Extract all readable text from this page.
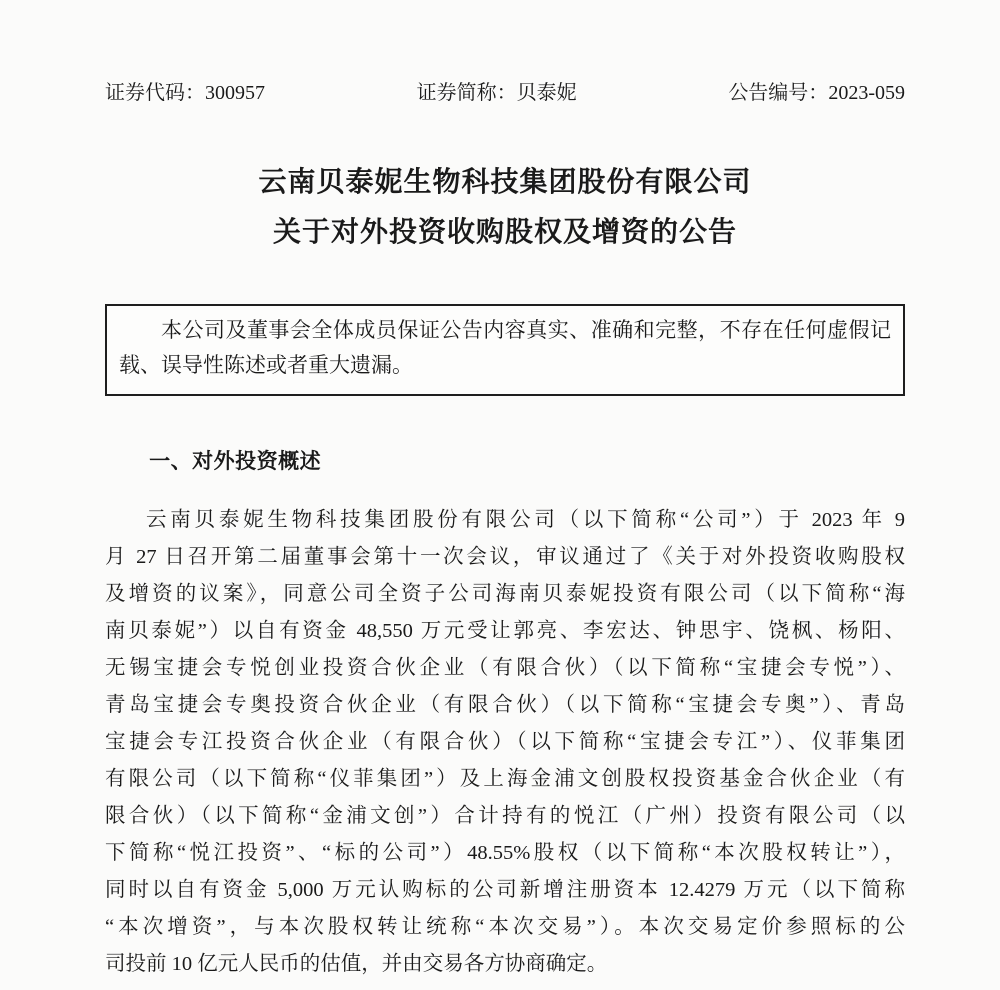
证券代码：300957	证券简称：贝泰妮	公告编号：2023-059
云南贝泰妮生物科技集团股份有限公司
关于对外投资收购股权及增资的公告
本公司及董事会全体成员保证公告内容真实、准确和完整，不存在任何虚假记载、误导性陈述或者重大遗漏。
一、对外投资概述
云南贝泰妮生物科技集团股份有限公司（以下简称“公司”）于 2023 年 9
月 27 日召开第二届董事会第十一次会议，审议通过了《关于对外投资收购股权
及增资的议案》，同意公司全资子公司海南贝泰妮投资有限公司（以下简称“海
南贝泰妮”）以自有资金 48,550 万元受让郭亮、李宏达、钟思宇、饶枫、杨阳、
无锡宝捷会专悦创业投资合伙企业（有限合伙）（以下简称“宝捷会专悦”）、
青岛宝捷会专奥投资合伙企业（有限合伙）（以下简称“宝捷会专奥”）、青岛
宝捷会专江投资合伙企业（有限合伙）（以下简称“宝捷会专江”）、仪菲集团
有限公司（以下简称“仪菲集团”）及上海金浦文创股权投资基金合伙企业（有
限合伙）（以下简称“金浦文创”）合计持有的悦江（广州）投资有限公司（以
下简称“悦江投资”、“标的公司”）48.55%股权（以下简称“本次股权转让”），
同时以自有资金 5,000 万元认购标的公司新增注册资本 12.4279 万元（以下简称
“本次增资”，与本次股权转让统称“本次交易”）。本次交易定价参照标的公
司投前 10 亿元人民币的估值，并由交易各方协商确定。
